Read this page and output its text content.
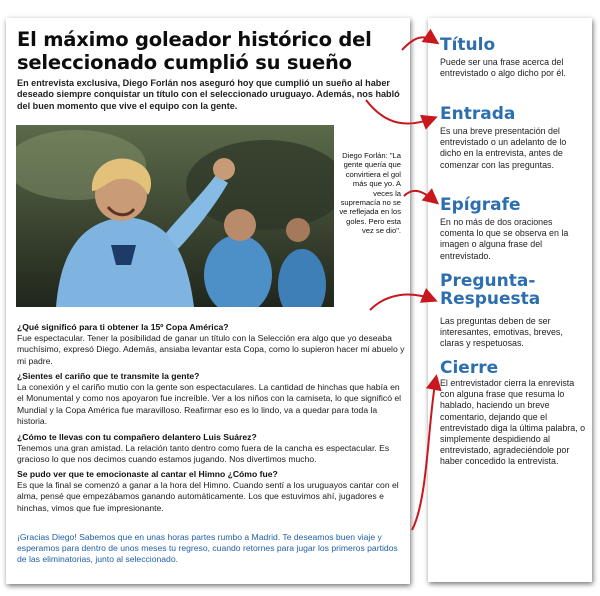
El máximo goleador histórico del seleccionado cumplió su sueño

En entrevista exclusiva, Diego Forlán nos aseguró hoy que cumplió un sueño al haber deseado siempre conquistar un título con el seleccionado uruguayo. Además, nos habló del buen momento que vive el equipo con la gente.

Diego Forlán: "La gente quería que convirtiera el gol más que yo. A veces la supremacía no se ve reflejada en los goles. Pero esta vez se dio".

¿Qué significó para ti obtener la 15º Copa América?
Fue espectacular. Tener la posibilidad de ganar un título con la Selección era algo que yo deseaba muchísimo, expresó Diego. Además, ansiaba levantar esta Copa, como lo supieron hacer mi abuelo y mi padre.

¿Sientes el cariño que te transmite la gente?
La conexión y el cariño mutio con la gente son espectaculares. La cantidad de hinchas que había en el Monumental y como nos apoyaron fue increíble. Ver a los niños con la camiseta, lo que significó el Mundial y la Copa América fue maravilloso. Reafirmar eso es lo lindo, va a quedar para toda la historia.

¿Cómo te llevas con tu compañero delantero Luis Suárez?
Tenemos una gran amistad. La relación tanto dentro como fuera de la cancha es espectacular. Es gracioso lo que nos decimos cuando estamos jugando. Nos divertimos mucho.

Se pudo ver que te emocionaste al cantar el Himno ¿Cómo fue?
Es que la final se comenzó a ganar a la hora del Himno. Cuando sentí a los uruguayos cantar con el alma, pensé que empezábamos ganando automáticamente. Los que estuvimos ahí, jugadores e hinchas, vimos que fue impresionante.

¡Gracias Diego! Sabemos que en unas horas partes rumbo a Madrid. Te deseamos buen viaje y esperamos para dentro de unos meses tu regreso, cuando retornes para jugar los primeros partidos de las eliminatorias, junto al seleccionado.

Título

Puede ser una frase acerca del entrevistado o algo dicho por él.

Entrada

Es una breve presentación del entrevistado o un adelanto de lo dicho en la entrevista, antes de comenzar con las preguntas.

Epígrafe

En no más de dos oraciones comenta lo que se observa en la imagen o alguna frase del entrevistado.

Pregunta-Respuesta

Las preguntas deben de ser interesantes, emotivas, breves, claras y respetuosas.

Cierre

El entrevistador cierra la enrevista con alguna frase que resuma lo hablado, haciendo un breve comentario, dejando que el entrevistado diga la última palabra, o simplemente despidiendo al entrevistado, agradeciéndole por haber concedido la entrevista.
